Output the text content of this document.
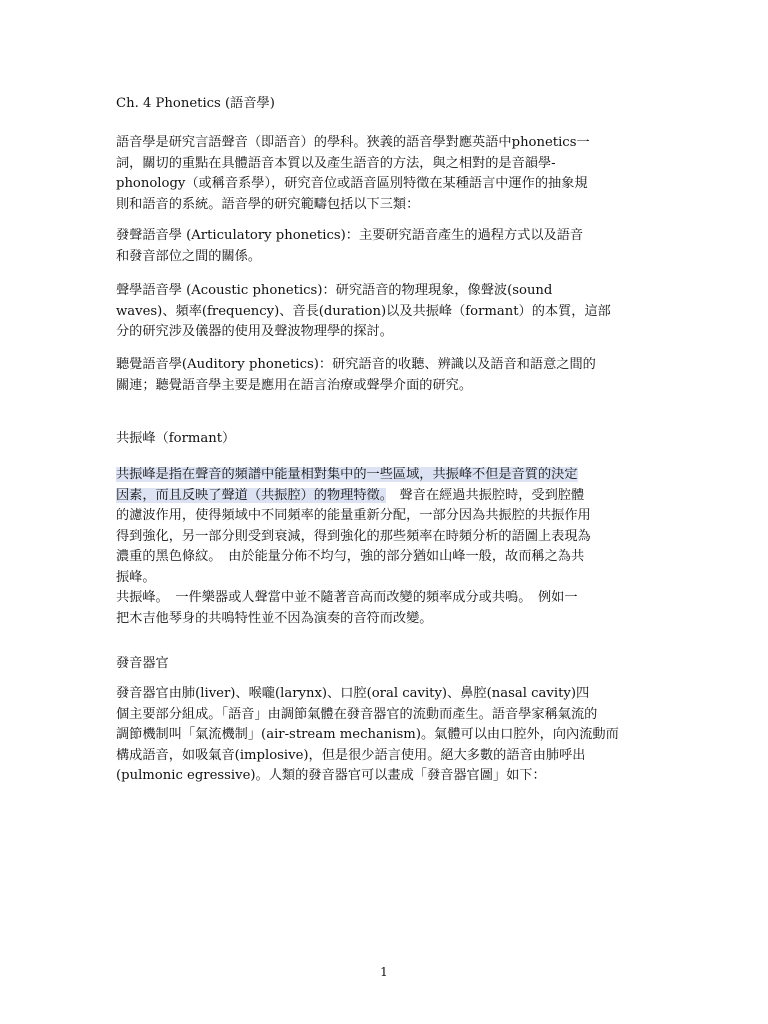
Ch. 4 Phonetics (語音學)

語音學是研究言語聲音（即語音）的學科。狹義的語音學對應英語中phonetics一

詞，關切的重點在具體語音本質以及產生語音的方法，與之相對的是音韻學-

phonology（或稱音系學），研究音位或語音區別特徵在某種語言中運作的抽象規

則和語音的系統。語音學的研究範疇包括以下三類：

發聲語音學 (Articulatory phonetics)：主要研究語音產生的過程方式以及語音

和發音部位之間的關係。

聲學語音學 (Acoustic phonetics)：研究語音的物理現象，像聲波(sound

waves)、頻率(frequency)、音長(duration)以及共振峰（formant）的本質，這部

分的研究涉及儀器的使用及聲波物理學的探討。

聽覺語音學(Auditory phonetics)：研究語音的收聽、辨識以及語音和語意之間的

關連；聽覺語音學主要是應用在語言治療或聲學介面的研究。

共振峰（formant）

共振峰是指在聲音的頻譜中能量相對集中的一些區域，共振峰不但是音質的決定

因素，而且反映了聲道（共振腔）的物理特徵。　聲音在經過共振腔時，受到腔體

的濾波作用，使得頻域中不同頻率的能量重新分配，一部分因為共振腔的共振作用

得到強化，另一部分則受到衰減，得到強化的那些頻率在時頻分析的語圖上表現為

濃重的黑色條紋。　由於能量分佈不均勻，強的部分猶如山峰一般，故而稱之為共

振峰。

共振峰。　一件樂器或人聲當中並不隨著音高而改變的頻率成分或共鳴。　例如一

把木吉他琴身的共鳴特性並不因為演奏的音符而改變。

發音器官

發音器官由肺(liver)、喉嚨(larynx)、口腔(oral cavity)、鼻腔(nasal cavity)四

個主要部分組成。「語音」由調節氣體在發音器官的流動而產生。語音學家稱氣流的

調節機制叫「氣流機制」(air-stream mechanism)。氣體可以由口腔外，向內流動而

構成語音，如吸氣音(implosive)，但是很少語言使用。絕大多數的語音由肺呼出

(pulmonic egressive)。人類的發音器官可以畫成「發音器官圖」如下：

1
